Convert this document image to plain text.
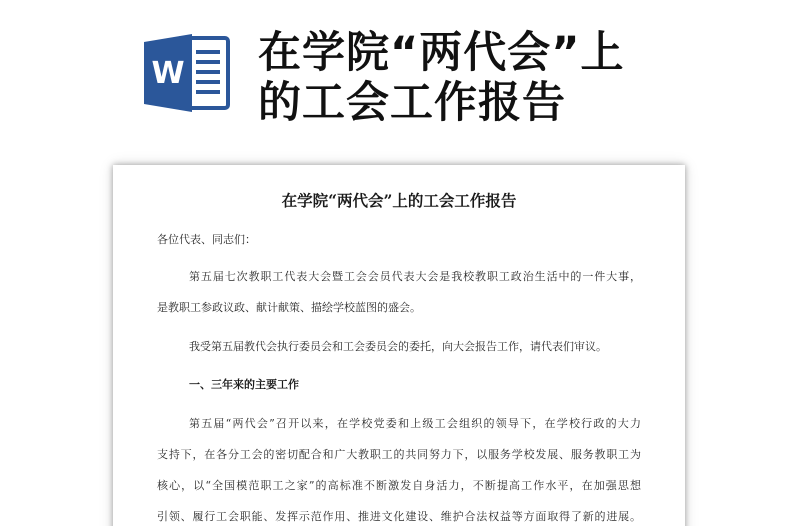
W 在学院“两代会”上
的工会工作报告
在学院“两代会”上的工会工作报告
各位代表、同志们：
第五届七次教职工代表大会暨工会会员代表大会是我校教职工政治生活中的一件大事，
是教职工参政议政、献计献策、描绘学校蓝图的盛会。
我受第五届教代会执行委员会和工会委员会的委托，向大会报告工作，请代表们审议。
一、三年来的主要工作
第五届“两代会”召开以来，在学校党委和上级工会组织的领导下，在学校行政的大力
支持下，在各分工会的密切配合和广大教职工的共同努力下，以服务学校发展、服务教职工为
核心，以“全国模范职工之家”的高标准不断激发自身活力，不断提高工作水平，在加强思想
引领、履行工会职能、发挥示范作用、推进文化建设、维护合法权益等方面取得了新的进展。
